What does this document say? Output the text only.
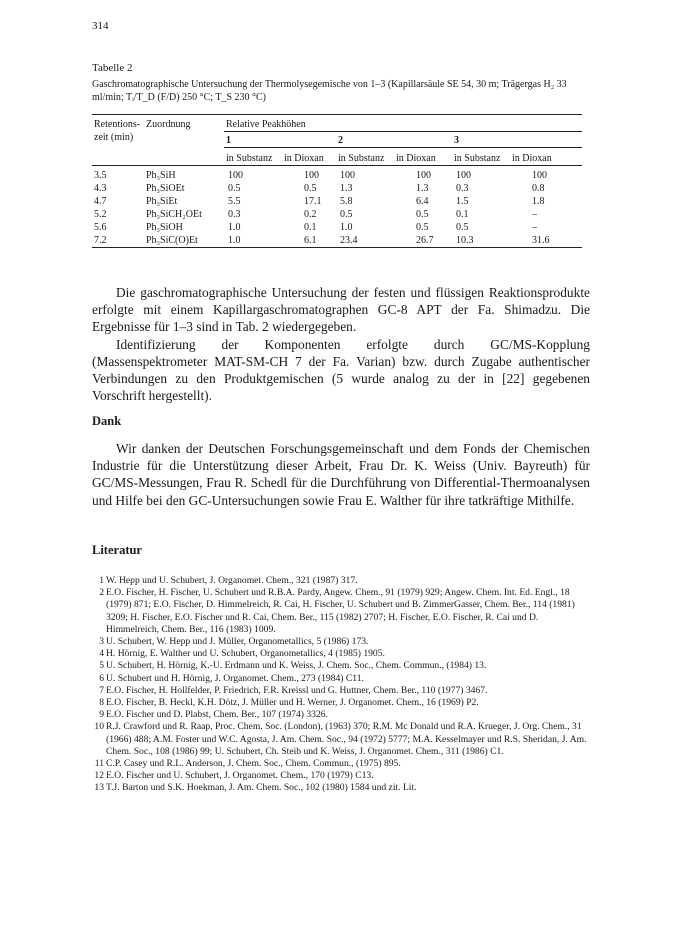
314
Tabelle 2
Gaschromatographische Untersuchung der Thermolysegemische von 1–3 (Kapillarsäule SE 54, 30 m; Trägergas H₂ 33 ml/min; Tᵢ/T_D (F/D) 250 °C; T_S 230 °C)
Retentions- zeit (min)	Zuordnung	Relative Peakhöhen					
		1		2		3	
		in Substanz	in Dioxan	in Substanz	in Dioxan	in Substanz	in Dioxan
3.5	Ph₃SiH	100	100	100	100	100	100
4.3	Ph₃SiOEt	0.5	0.5	1.3	1.3	0.3	0.8
4.7	Ph₃SiEt	5.5	17.1	5.8	6.4	1.5	1.8
5.2	Ph₃SiCH₂OEt	0.3	0.2	0.5	0.5	0.1	–
5.6	Ph₃SiOH	1.0	0.1	1.0	0.5	0.5	–
7.2	Ph₃SiC(O)Et	1.0	6.1	23.4	26.7	10.3	31.6

Die gaschromatographische Untersuchung der festen und flüssigen Reaktionsprodukte erfolgte mit einem Kapillargaschromatographen GC-8 APT der Fa. Shimadzu. Die Ergebnisse für 1–3 sind in Tab. 2 wiedergegeben.

Identifizierung der Komponenten erfolgte durch GC/MS-Kopplung (Massenspektrometer MAT-SM-CH 7 der Fa. Varian) bzw. durch Zugabe authentischer Verbindungen zu den Produktgemischen (5 wurde analog zu der in [22] gegebenen Vorschrift hergestellt).

Dank

Wir danken der Deutschen Forschungsgemeinschaft und dem Fonds der Chemischen Industrie für die Unterstützung dieser Arbeit, Frau Dr. K. Weiss (Univ. Bayreuth) für GC/MS-Messungen, Frau R. Schedl für die Durchführung von Differential-Thermoanalysen und Hilfe bei den GC-Untersuchungen sowie Frau E. Walther für ihre tatkräftige Mithilfe.

Literatur
1 W. Hepp und U. Schubert, J. Organomet. Chem., 321 (1987) 317.
2 E.O. Fischer, H. Fischer, U. Schubert und R.B.A. Pardy, Angew. Chem., 91 (1979) 929; Angew. Chem. Int. Ed. Engl., 18 (1979) 871; E.O. Fischer, D. Himmelreich, R. Cai, H. Fischer, U. Schubert und B. ZimmerGasser, Chem. Ber., 114 (1981) 3209; H. Fischer, E.O. Fischer und R. Cai, Chem. Ber., 115 (1982) 2707; H. Fischer, E.O. Fischer, R. Cai und D. Himmelreich, Chem. Ber., 116 (1983) 1009.
3 U. Schubert, W. Hepp und J. Müller, Organometallics, 5 (1986) 173.
4 H. Hörnig, E. Walther und U. Schubert, Organometallics, 4 (1985) 1905.
5 U. Schubert, H. Hörnig, K.-U. Erdmann und K. Weiss, J. Chem. Soc., Chem. Commun., (1984) 13.
6 U. Schubert und H. Hörnig, J. Organomet. Chem., 273 (1984) C11.
7 E.O. Fischer, H. Hollfelder, P. Friedrich, F.R. Kreissl und G. Huttner, Chem. Ber., 110 (1977) 3467.
8 E.O. Fischer, B. Heckl, K.H. Dötz, J. Müller und H. Werner, J. Organomet. Chem., 16 (1969) P2.
9 E.O. Fischer und D. Plabst, Chem. Ber., 107 (1974) 3326.
10 R.J. Crawford und R. Raap, Proc. Chem. Soc. (London), (1963) 370; R.M. Mc Donald und R.A. Krueger, J. Org. Chem., 31 (1966) 488; A.M. Foster und W.C. Agosta, J. Am. Chem. Soc., 94 (1972) 5777; M.A. Kesselmayer und R.S. Sheridan, J. Am. Chem. Soc., 108 (1986) 99; U. Schubert, Ch. Steib und K. Weiss, J. Organomet. Chem., 311 (1986) C1.
11 C.P. Casey und R.L. Anderson, J. Chem. Soc., Chem. Commun., (1975) 895.
12 E.O. Fischer und U. Schubert, J. Organomet. Chem., 170 (1979) C13.
13 T.J. Barton und S.K. Hoekman, J. Am. Chem. Soc., 102 (1980) 1584 und zit. Lit.
